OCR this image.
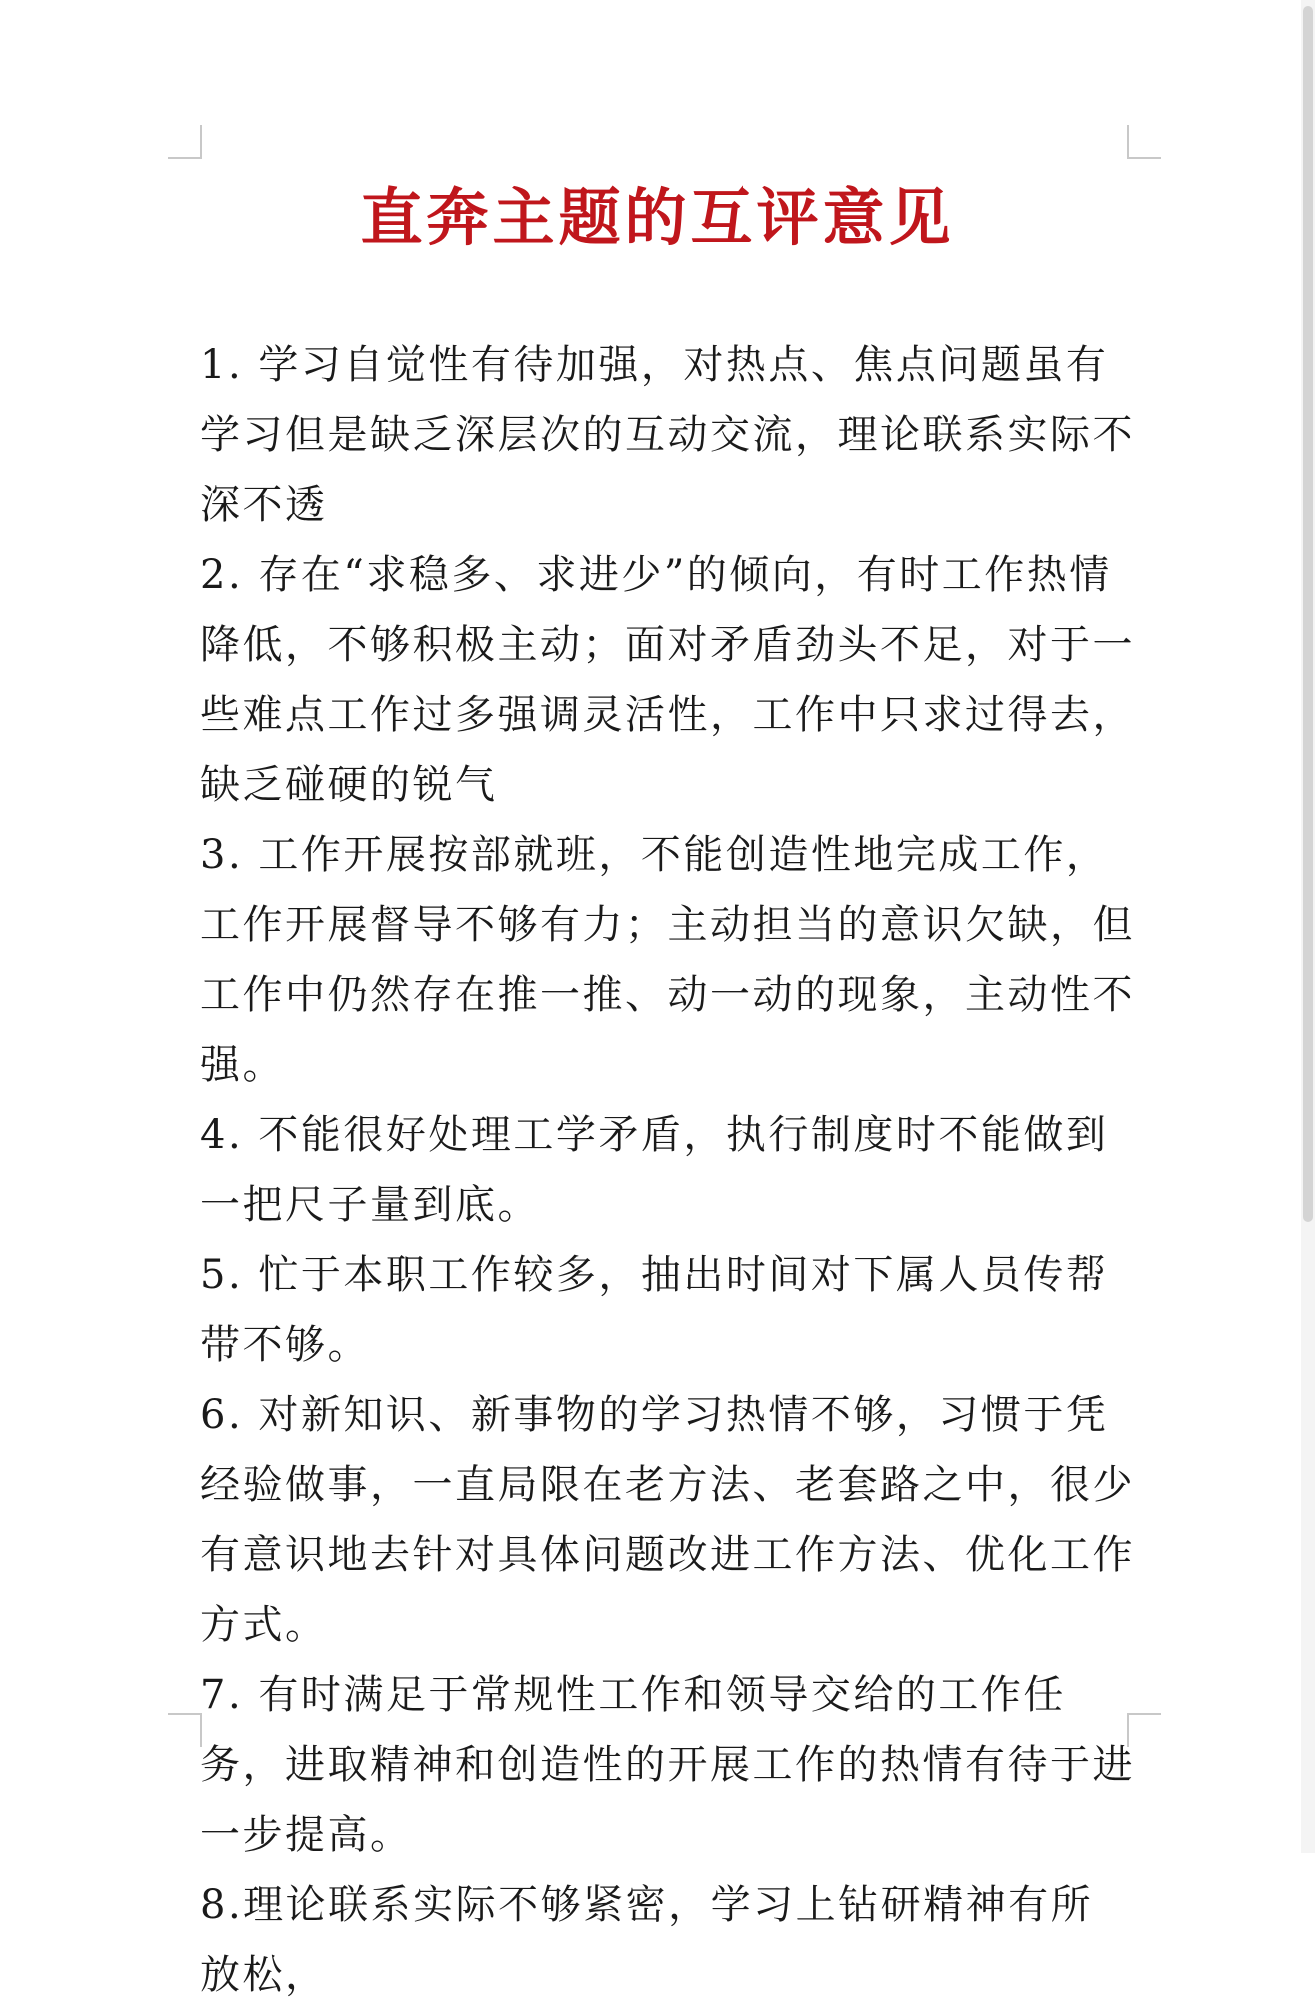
直奔主题的互评意见

1. 学习自觉性有待加强，对热点、焦点问题虽有学习但是缺乏深层次的互动交流，理论联系实际不深不透

2. 存在“求稳多、求进少”的倾向，有时工作热情降低，不够积极主动；面对矛盾劲头不足，对于一些难点工作过多强调灵活性，工作中只求过得去，缺乏碰硬的锐气

3. 工作开展按部就班，不能创造性地完成工作，工作开展督导不够有力；主动担当的意识欠缺，但工作中仍然存在推一推、动一动的现象，主动性不强。

4. 不能很好处理工学矛盾，执行制度时不能做到一把尺子量到底。

5. 忙于本职工作较多，抽出时间对下属人员传帮带不够。

6. 对新知识、新事物的学习热情不够，习惯于凭经验做事，一直局限在老方法、老套路之中，很少有意识地去针对具体问题改进工作方法、优化工作方式。

7. 有时满足于常规性工作和领导交给的工作任务，进取精神和创造性的开展工作的热情有待于进一步提高。

8.理论联系实际不够紧密，学习上钻研精神有所放松，
